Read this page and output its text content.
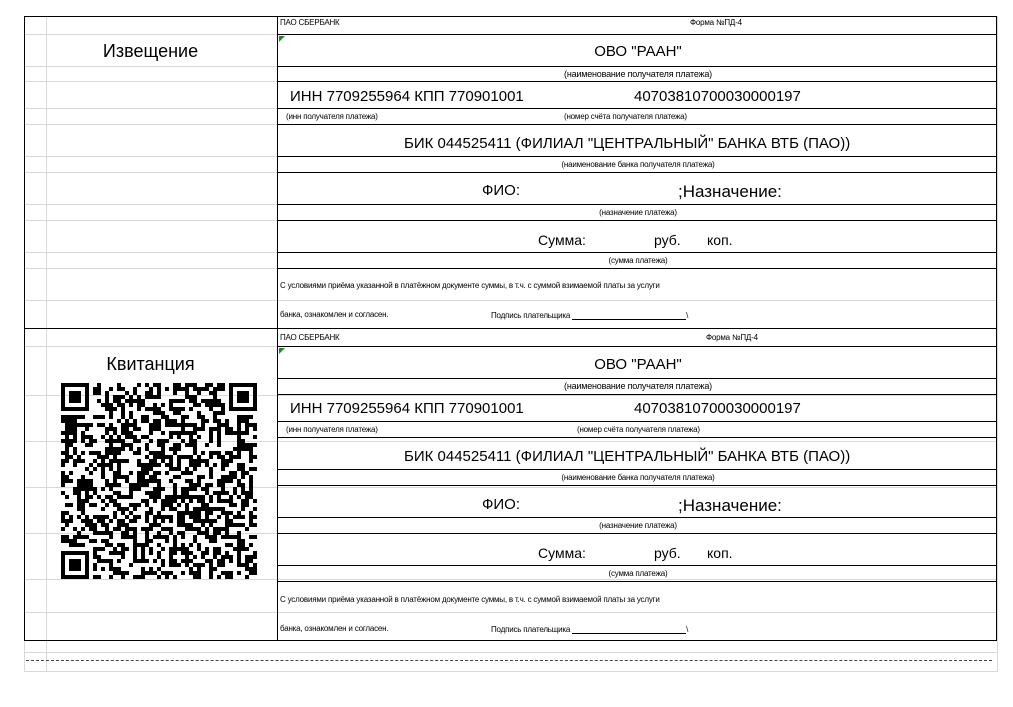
Извещение
ПАО СБЕРБАНК	Форма №ПД-4
ОВО "РААН"
(наименование получателя платежа)
ИНН 7709255964 КПП 770901001	40703810700030000197
(инн получателя платежа)	(номер счёта получателя платежа)
БИК 044525411 (ФИЛИАЛ "ЦЕНТРАЛЬНЫЙ" БАНКА ВТБ (ПАО))
(наименование банка получателя платежа)
ФИО:	;Назначение:
(назначение платежа)
Сумма:	руб.	коп.
(сумма платежа)
С условиями приёма указанной в платёжном документе суммы, в т.ч. с суммой взимаемой платы за услуги
банка, ознакомлен и согласен.	Подпись плательщика	\
Квитанция
ПАО СБЕРБАНК	Форма №ПД-4
ОВО "РААН"
(наименование получателя платежа)
ИНН 7709255964 КПП 770901001	40703810700030000197
(инн получателя платежа)	(номер счёта получателя платежа)
БИК 044525411 (ФИЛИАЛ "ЦЕНТРАЛЬНЫЙ" БАНКА ВТБ (ПАО))
(наименование банка получателя платежа)
ФИО:	;Назначение:
(назначение платежа)
Сумма:	руб.	коп.
(сумма платежа)
С условиями приёма указанной в платёжном документе суммы, в т.ч. с суммой взимаемой платы за услуги
банка, ознакомлен и согласен.	Подпись плательщика	\
